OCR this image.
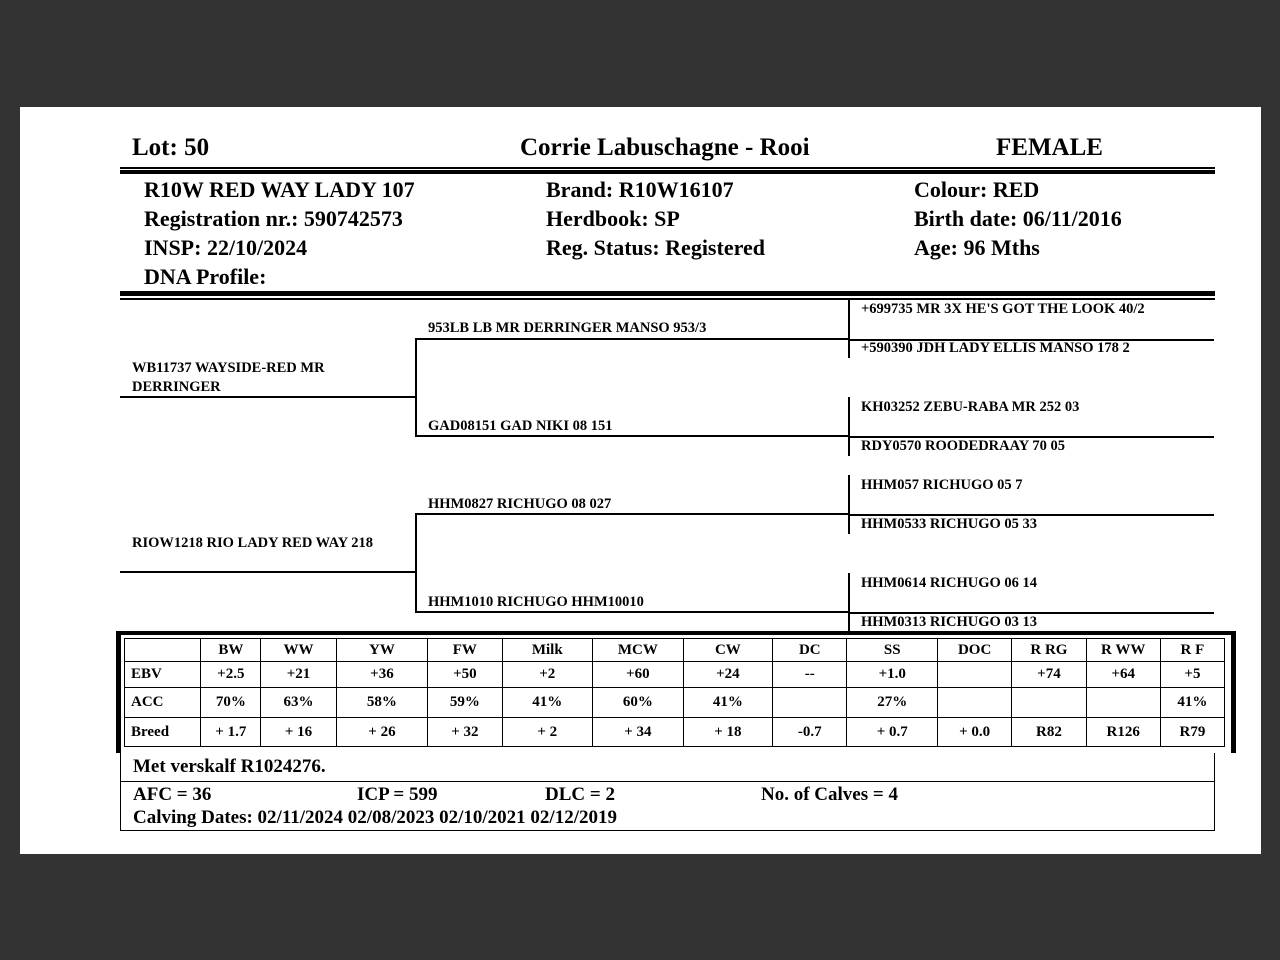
Lot: 50	Corrie Labuschagne - Rooi	FEMALE
R10W RED WAY LADY 107
Registration nr.: 590742573
INSP: 22/10/2024
DNA Profile:
Brand: R10W16107
Herdbook: SP
Reg. Status: Registered
Colour: RED
Birth date: 06/11/2016
Age: 96 Mths
WB11737 WAYSIDE-RED MR DERRINGER
RIOW1218 RIO LADY RED WAY 218
953LB LB MR DERRINGER MANSO 953/3
GAD08151 GAD NIKI 08 151
HHM0827 RICHUGO 08 027
HHM1010 RICHUGO HHM10010
+699735 MR 3X HE'S GOT THE LOOK 40/2
+590390 JDH LADY ELLIS MANSO 178 2
KH03252 ZEBU-RABA MR 252 03
RDY0570 ROODEDRAAY 70 05
HHM057 RICHUGO 05 7
HHM0533 RICHUGO 05 33
HHM0614 RICHUGO 06 14
HHM0313 RICHUGO 03 13
	BW	WW	YW	FW	Milk	MCW	CW	DC	SS	DOC	R RG	R WW	R F
EBV	+2.5	+21	+36	+50	+2	+60	+24	--	+1.0		+74	+64	+5
ACC	70%	63%	58%	59%	41%	60%	41%		27%				41%
Breed	+ 1.7	+ 16	+ 26	+ 32	+ 2	+ 34	+ 18	-0.7	+ 0.7	+ 0.0	R82	R126	R79
Met verskalf R1024276.
AFC = 36	ICP = 599	DLC = 2	No. of Calves = 4
Calving Dates: 02/11/2024 02/08/2023 02/10/2021 02/12/2019
